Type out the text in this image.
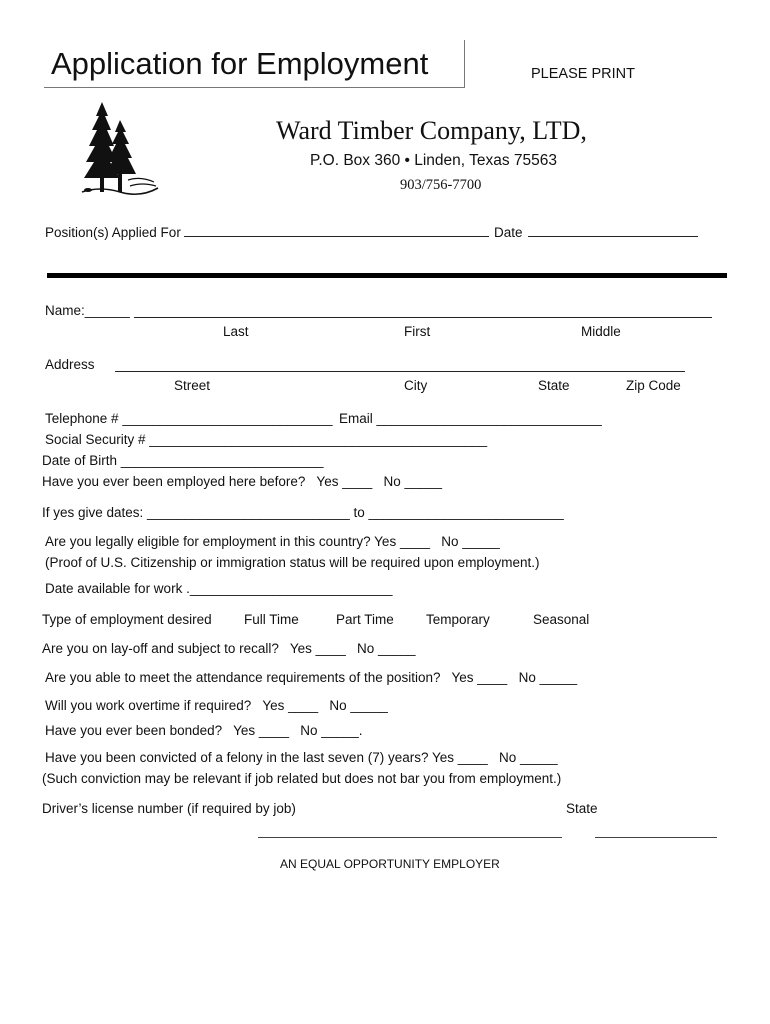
Application for Employment	PLEASE PRINT
Ward Timber Company, LTD,
P.O. Box 360 • Linden, Texas 75563
903/756-7700
Position(s) Applied For	Date
Name:______
Last	First	Middle
Address
Street	City	State	Zip Code
Telephone # ____________________________ Email ______________________________
Social Security # _____________________________________________
Date of Birth ___________________________
Have you ever been employed here before?   Yes ____   No _____
If yes give dates: ___________________________ to __________________________
Are you legally eligible for employment in this country? Yes ____   No _____
(Proof of U.S. Citizenship or immigration status will be required upon employment.)
Date available for work .___________________________
Type of employment desired Full Time	Part Time Temporary	Seasonal
Are you on lay-off and subject to recall?   Yes ____   No _____
Are you able to meet the attendance requirements of the position?   Yes ____   No _____
Will you work overtime if required?   Yes ____   No _____
Have you ever been bonded?   Yes ____   No _____.
Have you been convicted of a felony in the last seven (7) years? Yes ____   No _____
(Such conviction may be relevant if job related but does not bar you from employment.)
Driver’s license number (if required by job)	State
AN EQUAL OPPORTUNITY EMPLOYER
